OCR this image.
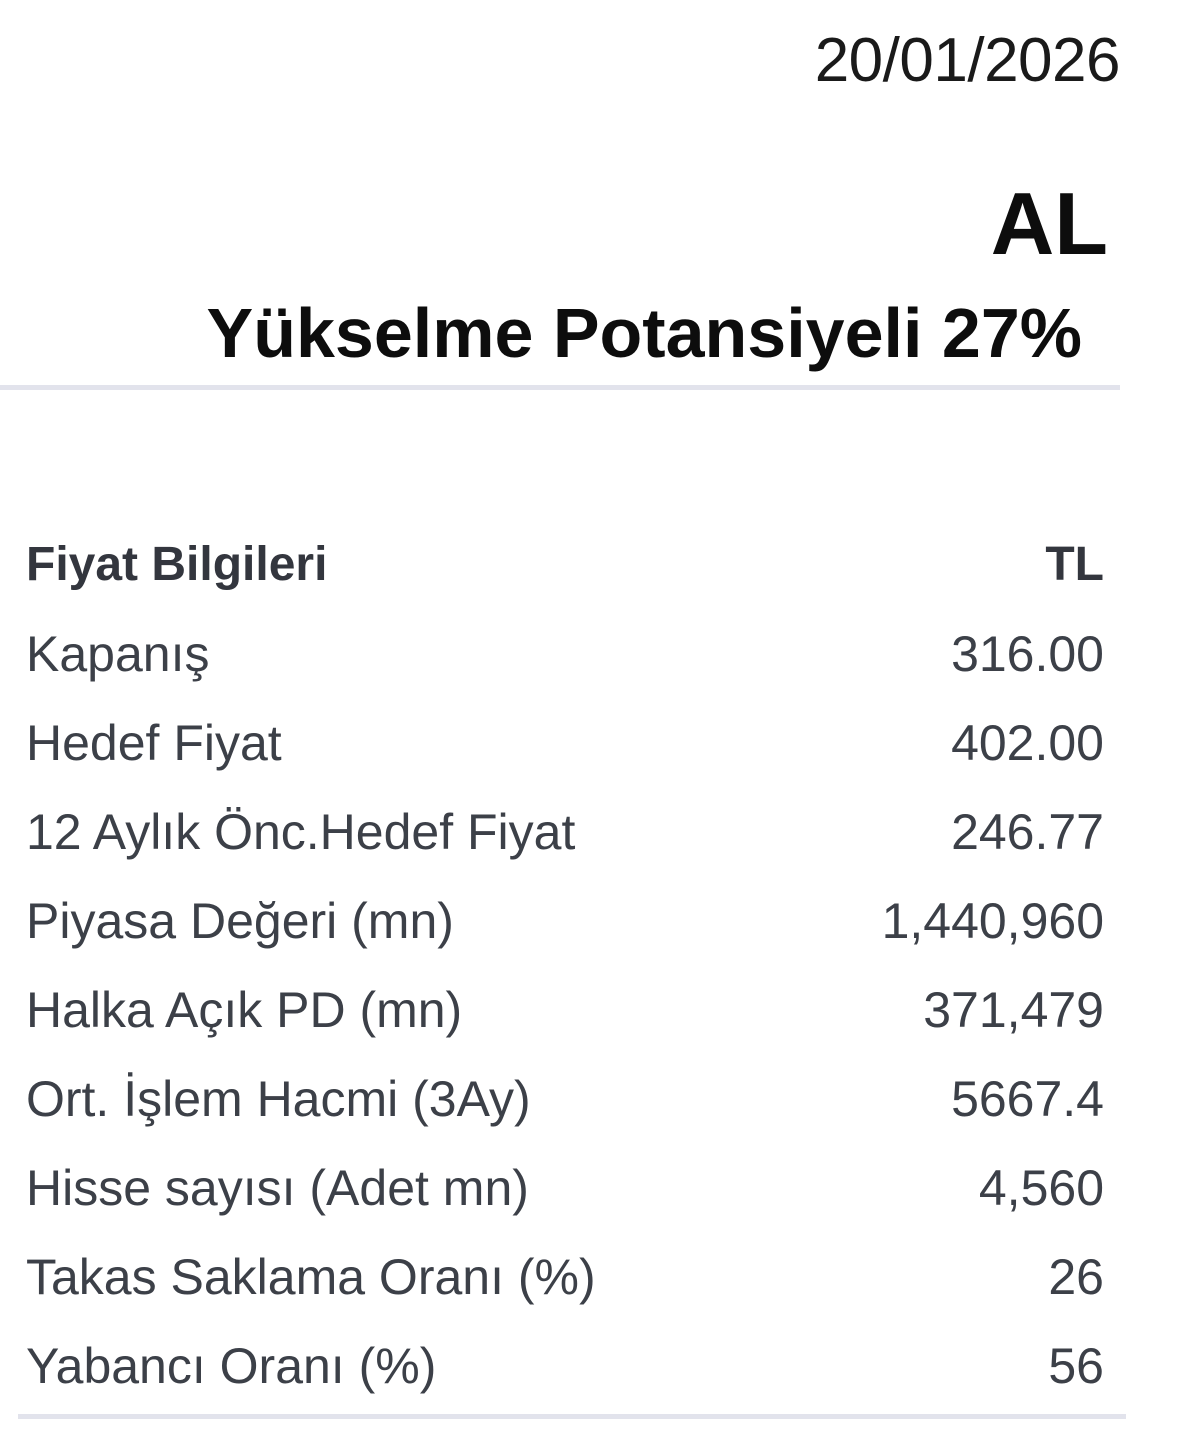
20/01/2026
AL
Yükselme Potansiyeli 27%
Fiyat Bilgileri	TL
Kapanış	316.00
Hedef Fiyat	402.00
12 Aylık Önc.Hedef Fiyat	246.77
Piyasa Değeri (mn)	1,440,960
Halka Açık PD (mn)	371,479
Ort. İşlem Hacmi (3Ay)	5667.4
Hisse sayısı (Adet mn)	4,560
Takas Saklama Oranı (%)	26
Yabancı Oranı (%)	56
